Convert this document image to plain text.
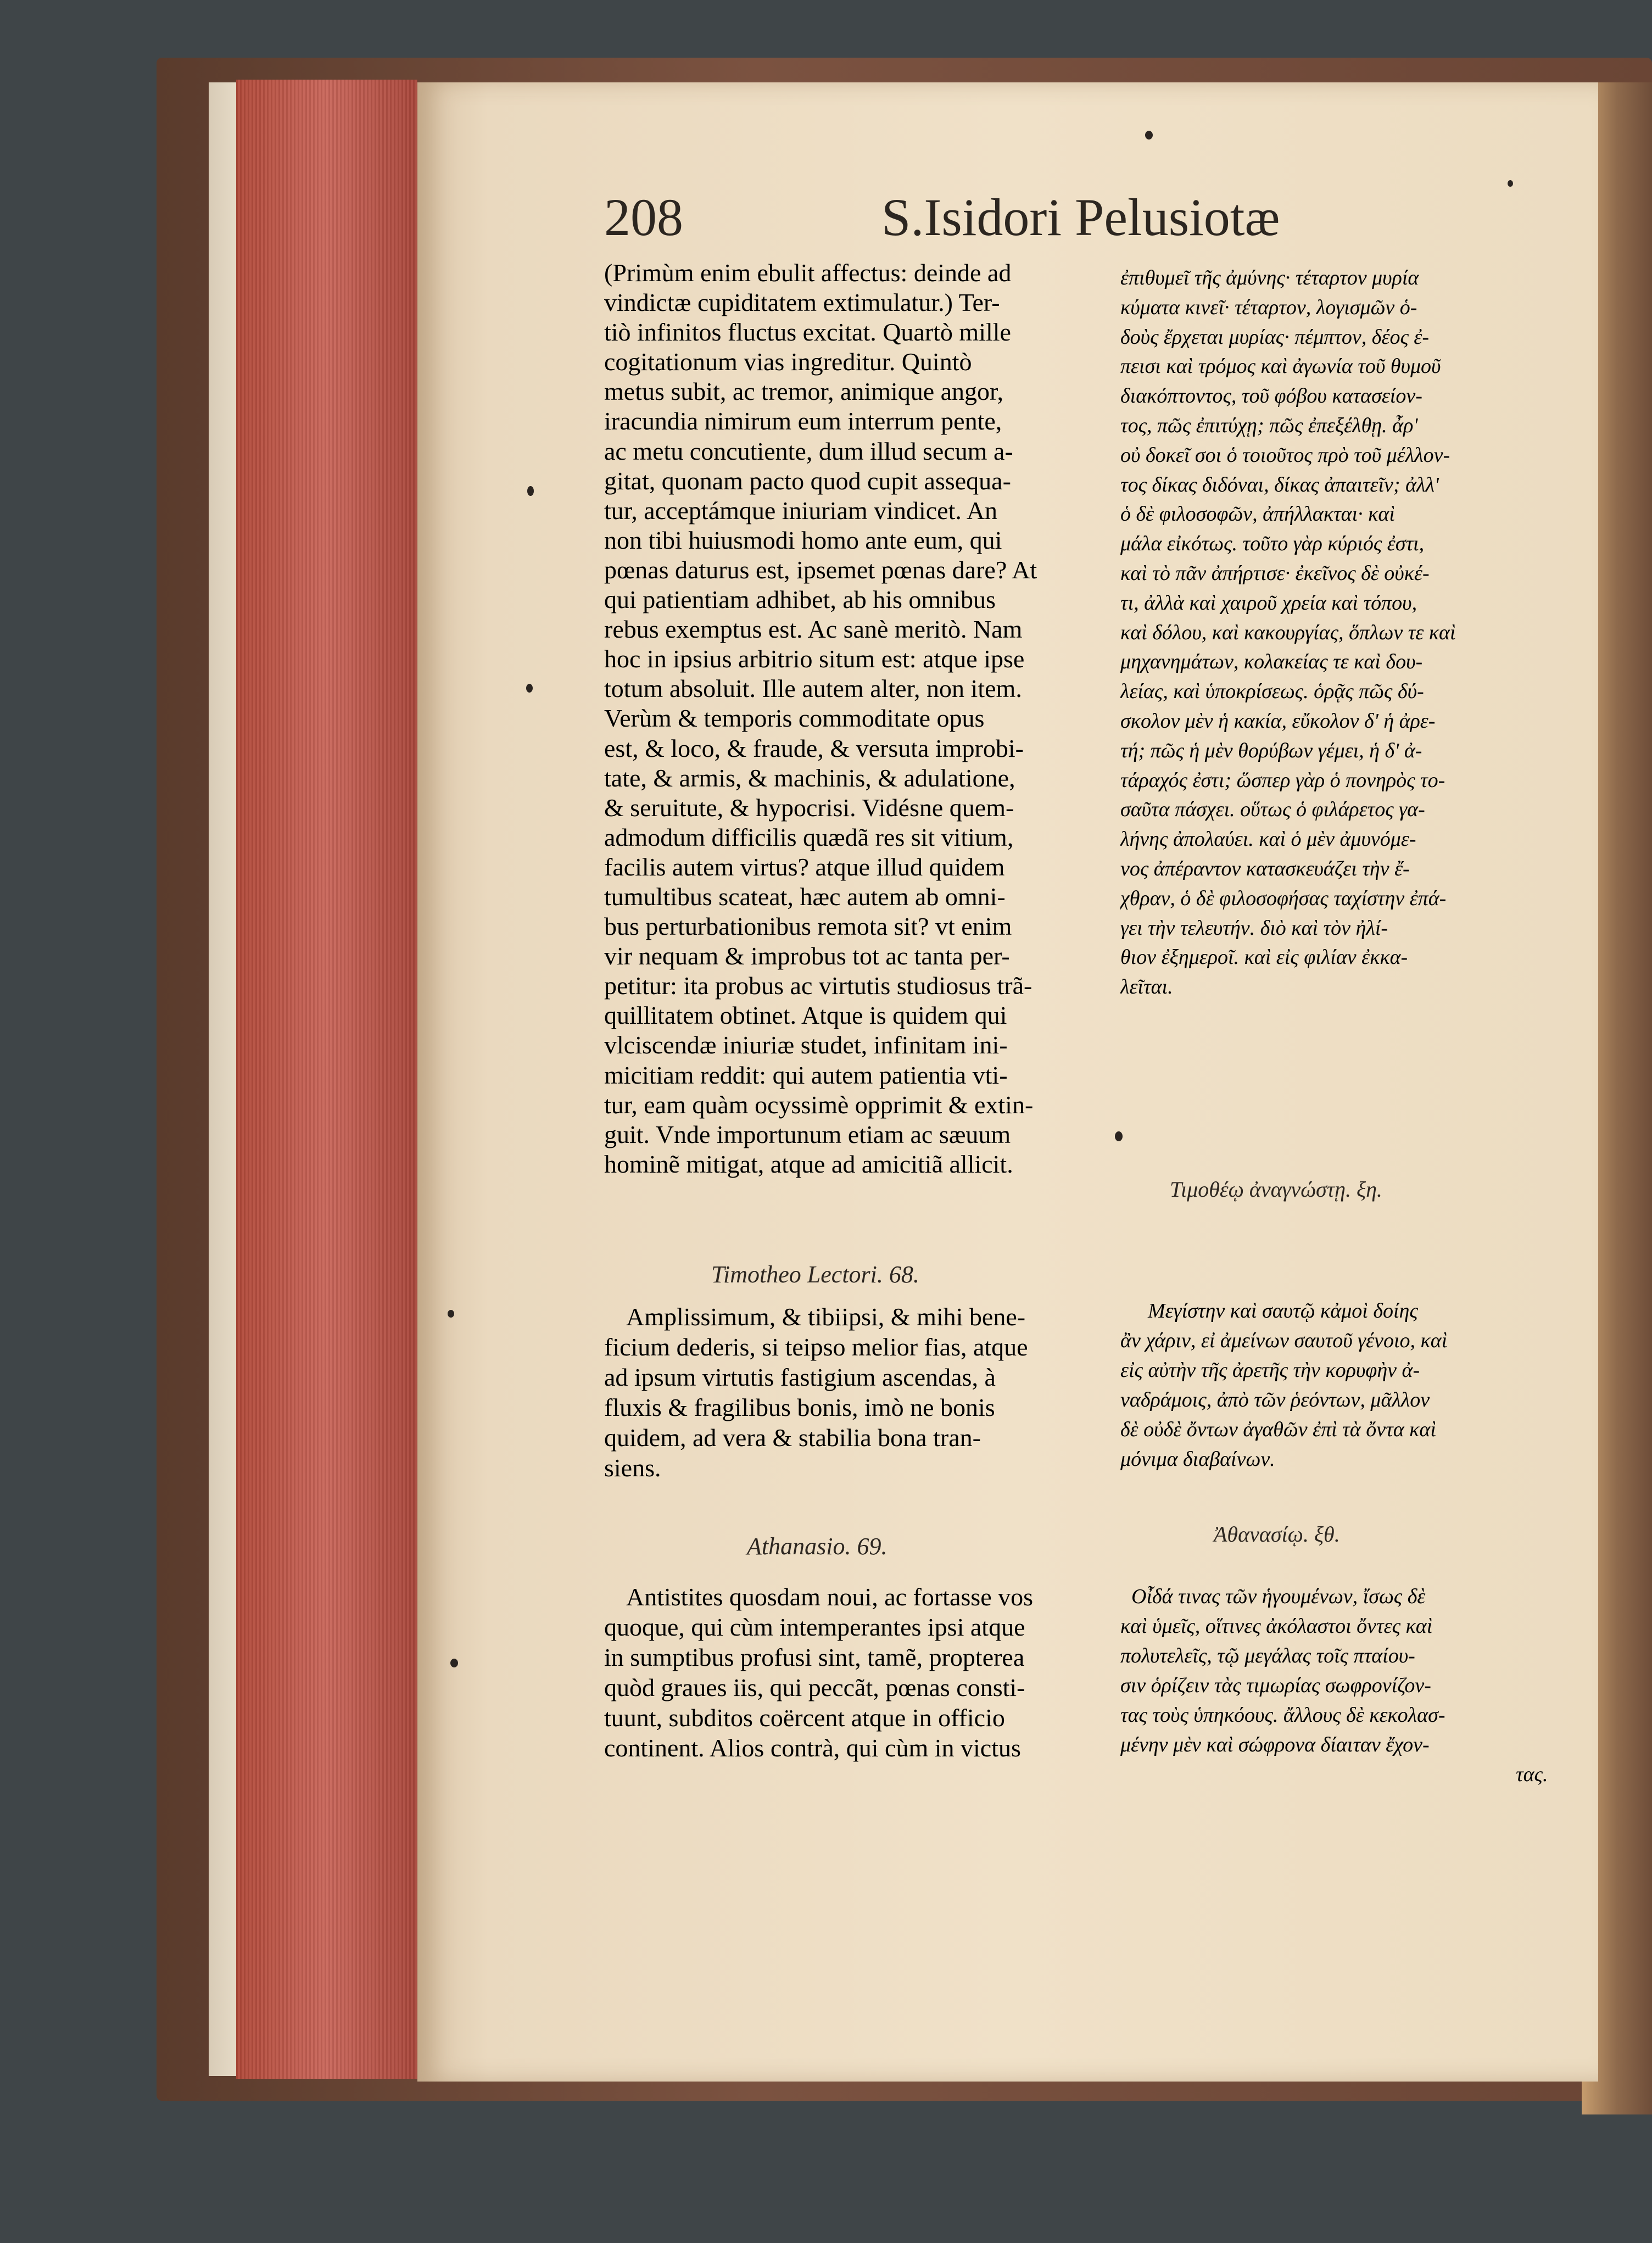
208	S.Isidori Pelusiotæ
(Primùm enim ebulit affectus: deinde ad
vindictæ cupiditatem extimulatur.) Ter-
tiò infinitos fluctus excitat. Quartò mille
cogitationum vias ingreditur. Quintò
metus subit, ac tremor, animique angor,
iracundia nimirum eum interrum pente,
ac metu concutiente, dum illud secum a-
gitat, quonam pacto quod cupit assequa-
tur, acceptámque iniuriam vindicet. An
non tibi huiusmodi homo ante eum, qui
pœnas daturus est, ipsemet pœnas dare? At
qui patientiam adhibet, ab his omnibus
rebus exemptus est. Ac sanè meritò. Nam
hoc in ipsius arbitrio situm est: atque ipse
totum absoluit. Ille autem alter, non item.
Verùm & temporis commoditate opus
est, & loco, & fraude, & versuta improbi-
tate, & armis, & machinis, & adulatione,
& seruitute, & hypocrisi. Vidésne quem-
admodum difficilis quædã res sit vitium,
facilis autem virtus? atque illud quidem
tumultibus scateat, hæc autem ab omni-
bus perturbationibus remota sit? vt enim
vir nequam & improbus tot ac tanta per-
petitur: ita probus ac virtutis studiosus trã-
quillitatem obtinet. Atque is quidem qui
vlciscendæ iniuriæ studet, infinitam ini-
micitiam reddit: qui autem patientia vti-
tur, eam quàm ocyssimè opprimit & extin-
guit. Vnde importunum etiam ac sæuum
hominẽ mitigat, atque ad amicitiã allicit.
ἐπιθυμεῖ τῆς ἀμύνης· τέταρτον μυρία
κύματα κινεῖ· τέταρτον, λογισμῶν ὁ-
δοὺς ἔρχεται μυρίας· πέμπτον, δέος ἐ-
πεισι καὶ τρόμος καὶ ἀγωνία τοῦ θυμοῦ
διακόπτοντος, τοῦ φόβου κατασείον-
τος, πῶς ἐπιτύχῃ; πῶς ἐπεξέλθῃ. ἆρ'
οὐ δοκεῖ σοι ὁ τοιοῦτος πρὸ τοῦ μέλλον-
τος δίκας διδόναι, δίκας ἀπαιτεῖν; ἀλλ'
ὁ δὲ φιλοσοφῶν, ἀπήλλακται· καὶ
μάλα εἰκότως. τοῦτο γὰρ κύριός ἐστι,
καὶ τὸ πᾶν ἀπήρτισε· ἐκεῖνος δὲ οὐκέ-
τι, ἀλλὰ καὶ χαιροῦ χρεία καὶ τόπου,
καὶ δόλου, καὶ κακουργίας, ὅπλων τε καὶ
μηχανημάτων, κολακείας τε καὶ δου-
λείας, καὶ ὑποκρίσεως. ὁρᾷς πῶς δύ-
σκολον μὲν ἡ κακία, εὔκολον δ' ἡ ἀρε-
τή; πῶς ἡ μὲν θορύβων γέμει, ἡ δ' ἀ-
τάραχός ἐστι; ὥσπερ γὰρ ὁ πονηρὸς το-
σαῦτα πάσχει. οὕτως ὁ φιλάρετος γα-
λήνης ἀπολαύει. καὶ ὁ μὲν ἀμυνόμε-
νος ἀπέραντον κατασκευάζει τὴν ἔ-
χθραν, ὁ δὲ φιλοσοφήσας ταχίστην ἐπά-
γει τὴν τελευτήν. διὸ καὶ τὸν ἠλί-
θιον ἐξημεροῖ. καὶ εἰς φιλίαν ἐκκα-
λεῖται.
Timotheo Lectori. 68.
Τιμοθέῳ ἀναγνώστῃ. ξη.
Amplissimum, & tibiipsi, & mihi bene-
ficium dederis, si teipso melior fias, atque
ad ipsum virtutis fastigium ascendas, à
fluxis & fragilibus bonis, imò ne bonis
quidem, ad vera & stabilia bona tran-
siens.
Μεγίστην καὶ σαυτῷ κἀμοὶ δοίης
ἂν χάριν, εἰ ἀμείνων σαυτοῦ γένοιο, καὶ
εἰς αὐτὴν τῆς ἀρετῆς τὴν κορυφὴν ἀ-
ναδράμοις, ἀπὸ τῶν ῥεόντων, μᾶλλον
δὲ οὐδὲ ὄντων ἀγαθῶν ἐπὶ τὰ ὄντα καὶ
μόνιμα διαβαίνων.
Athanasio. 69.	Ἀθανασίῳ. ξθ.
Antistites quosdam noui, ac fortasse vos
quoque, qui cùm intemperantes ipsi atque
in sumptibus profusi sint, tamẽ, propterea
quòd graues iis, qui peccãt, pœnas consti-
tuunt, subditos coërcent atque in officio
continent. Alios contrà, qui cùm in victus
Οἶδά τινας τῶν ἡγουμένων, ἴσως δὲ
καὶ ὑμεῖς, οἵτινες ἀκόλαστοι ὄντες καὶ
πολυτελεῖς, τῷ μεγάλας τοῖς πταίου-
σιν ὁρίζειν τὰς τιμωρίας σωφρονίζον-
τας τοὺς ὑπηκόους. ἄλλους δὲ κεκολασ-
μένην μὲν καὶ σώφρονα δίαιταν ἔχον-
τας.
